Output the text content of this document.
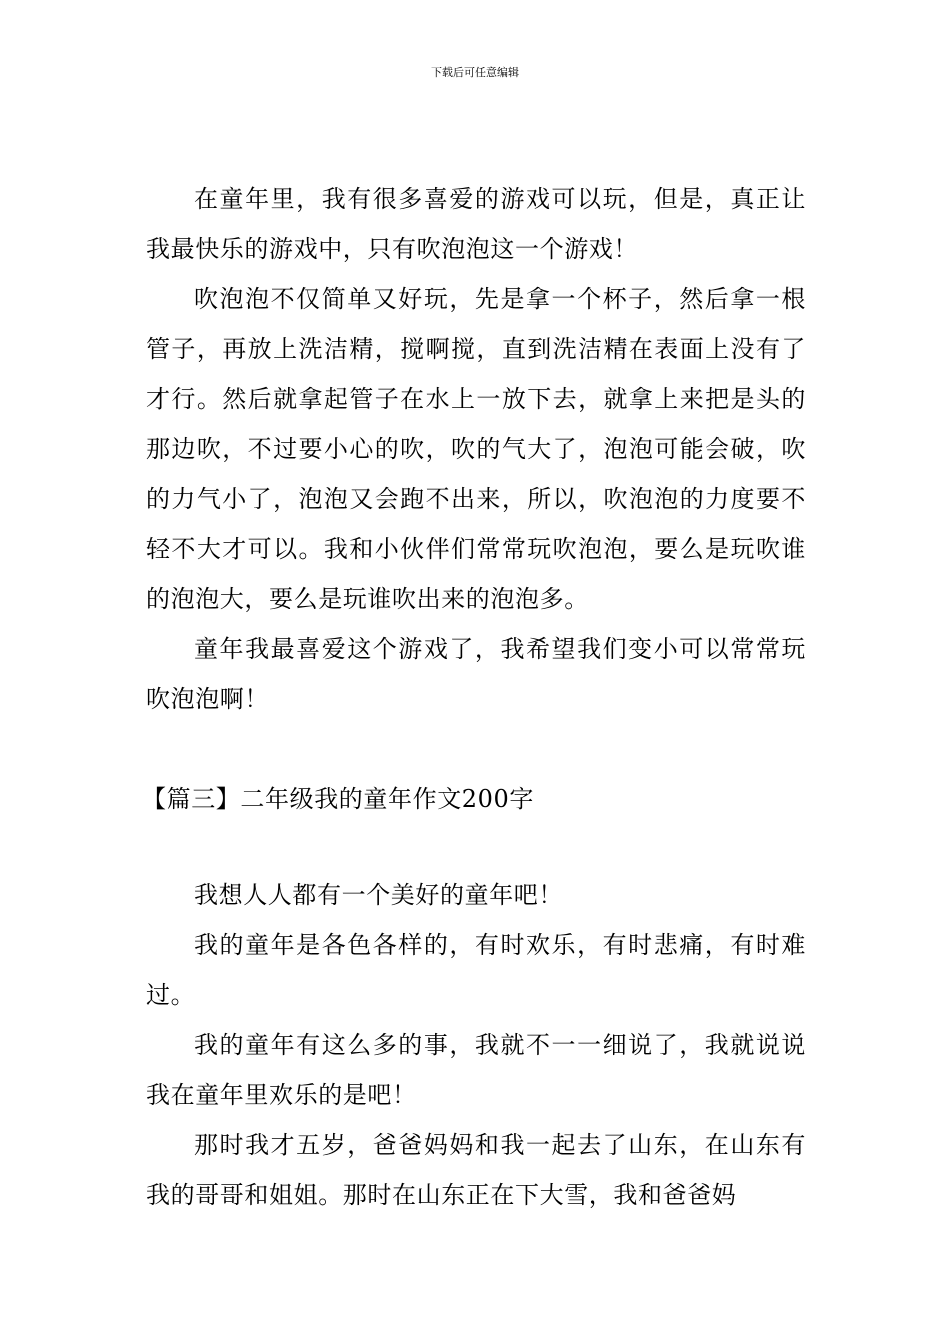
下载后可任意编辑

在童年里，我有很多喜爱的游戏可以玩，但是，真正让我最快乐的游戏中，只有吹泡泡这一个游戏！

吹泡泡不仅简单又好玩，先是拿一个杯子，然后拿一根管子，再放上洗洁精，搅啊搅，直到洗洁精在表面上没有了才行。然后就拿起管子在水上一放下去，就拿上来把是头的那边吹，不过要小心的吹，吹的气大了，泡泡可能会破，吹的力气小了，泡泡又会跑不出来，所以，吹泡泡的力度要不轻不大才可以。我和小伙伴们常常玩吹泡泡，要么是玩吹谁的泡泡大，要么是玩谁吹出来的泡泡多。

童年我最喜爱这个游戏了，我希望我们变小可以常常玩吹泡泡啊！

【篇三】二年级我的童年作文200字

我想人人都有一个美好的童年吧！

我的童年是各色各样的，有时欢乐，有时悲痛，有时难过。

我的童年有这么多的事，我就不一一细说了，我就说说我在童年里欢乐的是吧！

那时我才五岁，爸爸妈妈和我一起去了山东，在山东有我的哥哥和姐姐。那时在山东正在下大雪，我和爸爸妈
